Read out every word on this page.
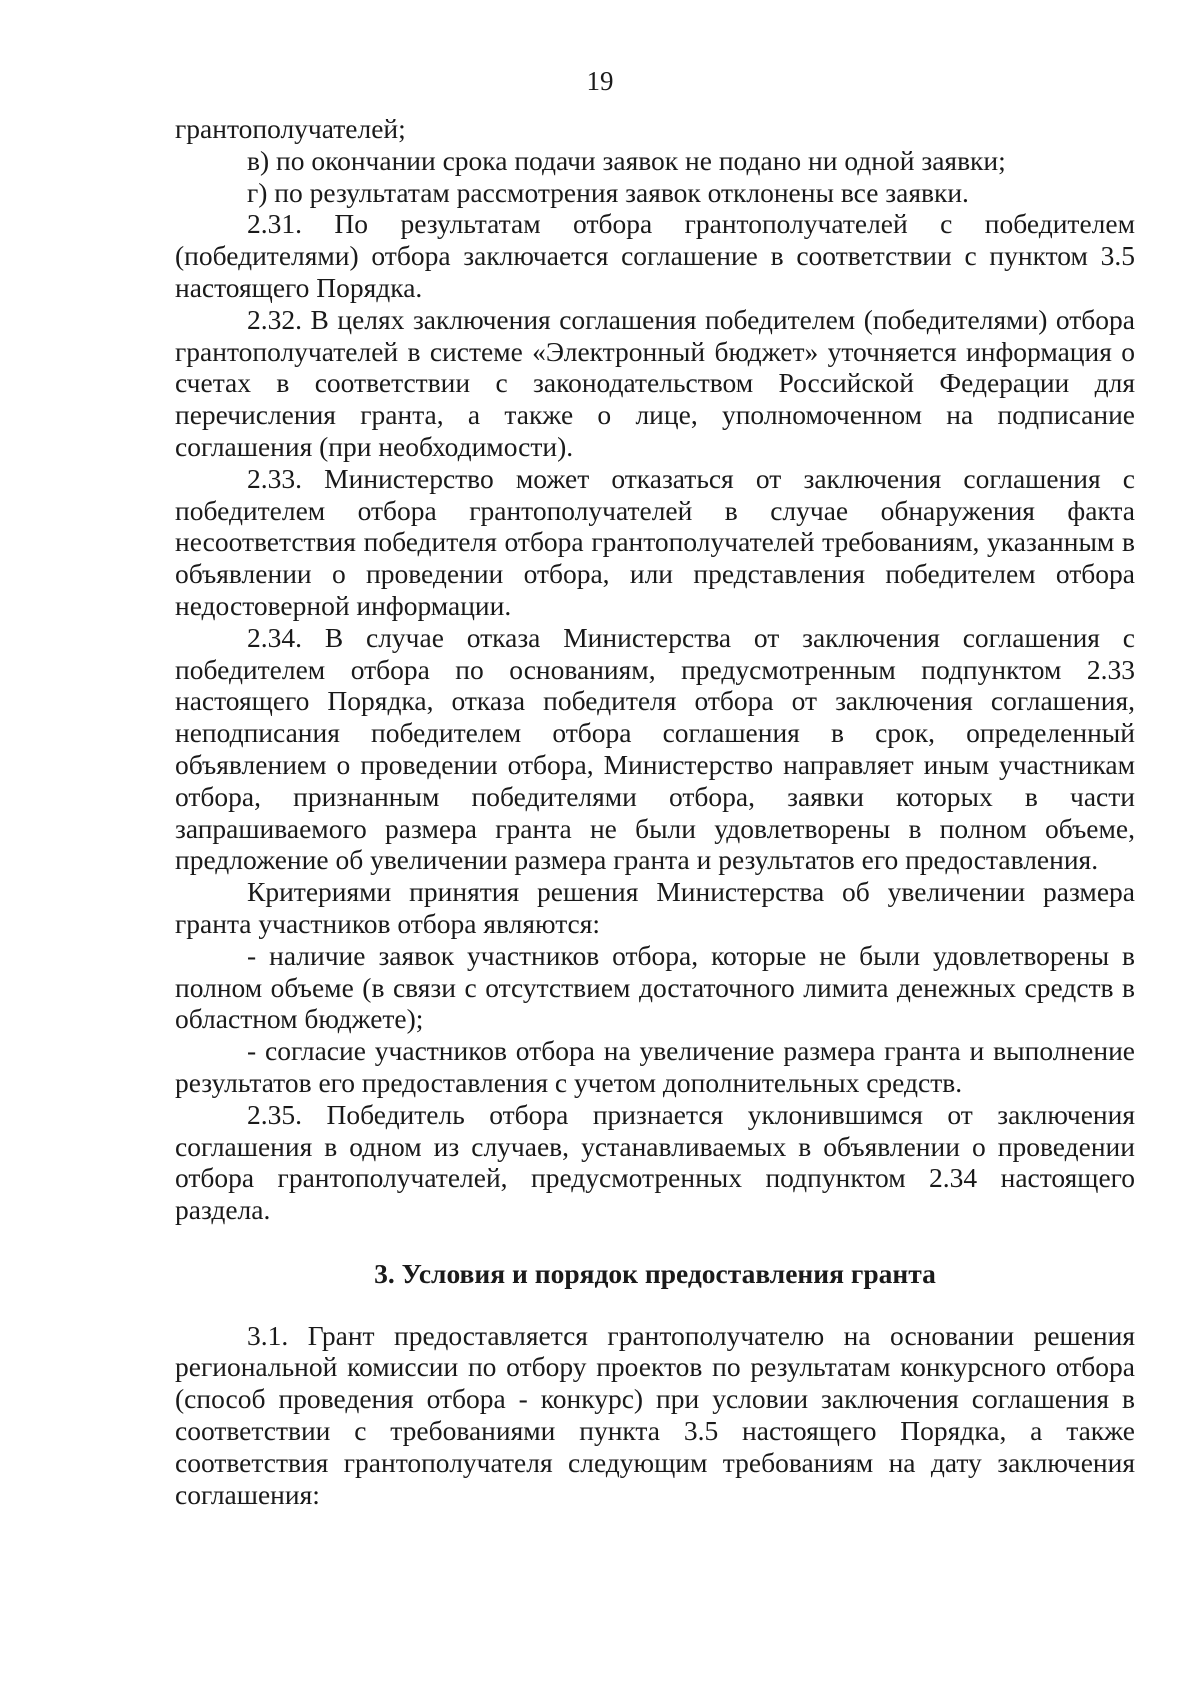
19

грантополучателей;

в) по окончании срока подачи заявок не подано ни одной заявки;

г) по результатам рассмотрения заявок отклонены все заявки.

2.31. По результатам отбора грантополучателей с победителем (победителями) отбора заключается соглашение в соответствии с пунктом 3.5 настоящего Порядка.

2.32. В целях заключения соглашения победителем (победителями) отбора грантополучателей в системе «Электронный бюджет» уточняется информация о счетах в соответствии с законодательством Российской Федерации для перечисления гранта, а также о лице, уполномоченном на подписание соглашения (при необходимости).

2.33. Министерство может отказаться от заключения соглашения с победителем отбора грантополучателей в случае обнаружения факта несоответствия победителя отбора грантополучателей требованиям, указанным в объявлении о проведении отбора, или представления победителем отбора недостоверной информации.

2.34. В случае отказа Министерства от заключения соглашения с победителем отбора по основаниям, предусмотренным подпунктом 2.33 настоящего Порядка, отказа победителя отбора от заключения соглашения, неподписания победителем отбора соглашения в срок, определенный объявлением о проведении отбора, Министерство направляет иным участникам отбора, признанным победителями отбора, заявки которых в части запрашиваемого размера гранта не были удовлетворены в полном объеме, предложение об увеличении размера гранта и результатов его предоставления.

Критериями принятия решения Министерства об увеличении размера гранта участников отбора являются:

- наличие заявок участников отбора, которые не были удовлетворены в полном объеме (в связи с отсутствием достаточного лимита денежных средств в областном бюджете);

- согласие участников отбора на увеличение размера гранта и выполнение результатов его предоставления с учетом дополнительных средств.

2.35. Победитель отбора признается уклонившимся от заключения соглашения в одном из случаев, устанавливаемых в объявлении о проведении отбора грантополучателей, предусмотренных подпунктом 2.34 настоящего раздела.

3. Условия и порядок предоставления гранта

3.1. Грант предоставляется грантополучателю на основании решения региональной комиссии по отбору проектов по результатам конкурсного отбора (способ проведения отбора - конкурс) при условии заключения соглашения в соответствии с требованиями пункта 3.5 настоящего Порядка, а также соответствия грантополучателя следующим требованиям на дату заключения соглашения:
